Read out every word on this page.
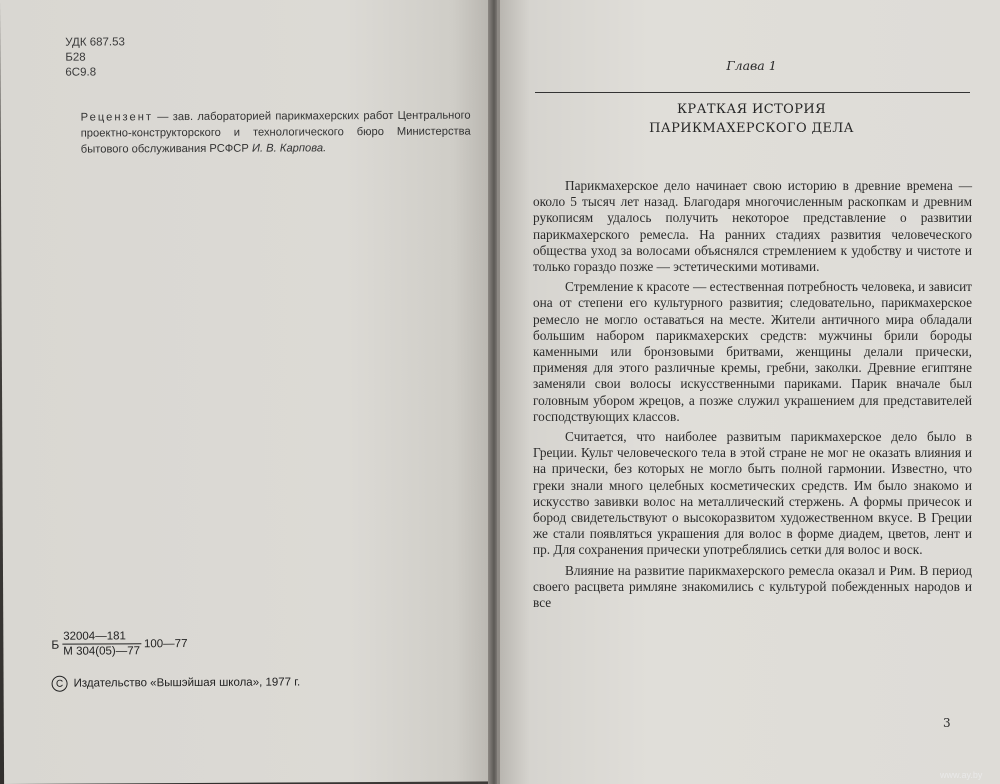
УДК 687.53
Б28
6С9.8
Рецензент — зав. лабораторией парикмахерских работ Центрального проектно-конструкторского и технологического бюро Министерства бытового обслуживания РСФСР И. В. Карпова.
Б $\frac{32004—181}{М 304(05)—77}$ 100—77
C Издательство «Вышэйшая школа», 1977 г.
Глава 1
КРАТКАЯ ИСТОРИЯ
ПАРИКМАХЕРСКОГО ДЕЛА

Парикмахерское дело начинает свою историю в древние времена — около 5 тысяч лет назад. Благодаря многочисленным раскопкам и древним рукописям удалось получить некоторое представление о развитии парикмахерского ремесла. На ранних стадиях развития человеческого общества уход за волосами объяснялся стремлением к удобству и чистоте и только гораздо позже — эстетическими мотивами.

Стремление к красоте — естественная потребность человека, и зависит она от степени его культурного развития; следовательно, парикмахерское ремесло не могло оставаться на месте. Жители античного мира обладали большим набором парикмахерских средств: мужчины брили бороды каменными или бронзовыми бритвами, женщины делали прически, применяя для этого различные кремы, гребни, заколки. Древние египтяне заменяли свои волосы искусственными париками. Парик вначале был головным убором жрецов, а позже служил украшением для представителей господствующих классов.

Считается, что наиболее развитым парикмахерское дело было в Греции. Культ человеческого тела в этой стране не мог не оказать влияния и на прически, без которых не могло быть полной гармонии. Известно, что греки знали много целебных косметических средств. Им было знакомо и искусство завивки волос на металлический стержень. А формы причесок и бород свидетельствуют о высокоразвитом художественном вкусе. В Греции же стали появляться украшения для волос в форме диадем, цветов, лент и пр. Для сохранения прически употреблялись сетки для волос и воск.

Влияние на развитие парикмахерского ремесла оказал и Рим. В период своего расцвета римляне знакомились с культурой побежденных народов и все

3
www.ay.by
